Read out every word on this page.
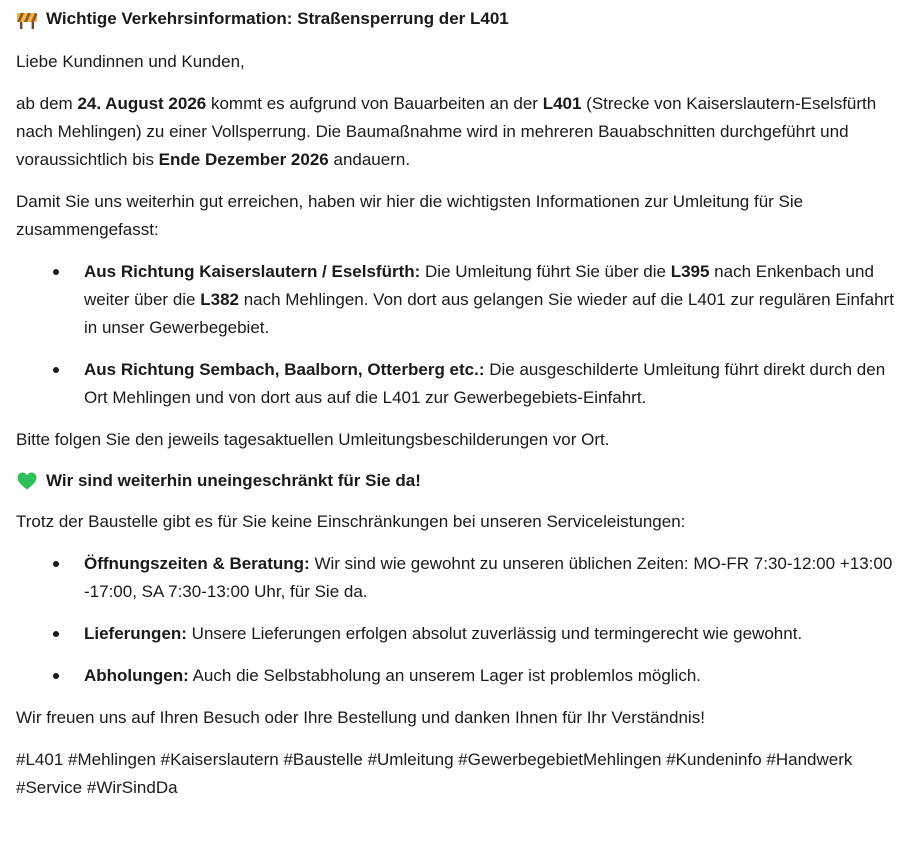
Wichtige Verkehrsinformation: Straßensperrung der L401

Liebe Kundinnen und Kunden,

ab dem 24. August 2026 kommt es aufgrund von Bauarbeiten an der L401 (Strecke von Kaiserslautern-Eselsfürth nach Mehlingen) zu einer Vollsperrung. Die Baumaßnahme wird in mehreren Bauabschnitten durchgeführt und voraussichtlich bis Ende Dezember 2026 andauern.

Damit Sie uns weiterhin gut erreichen, haben wir hier die wichtigsten Informationen zur Umleitung für Sie zusammengefasst:

Aus Richtung Kaiserslautern / Eselsfürth: Die Umleitung führt Sie über die L395 nach Enkenbach und weiter über die L382 nach Mehlingen. Von dort aus gelangen Sie wieder auf die L401 zur regulären Einfahrt in unser Gewerbegebiet.
Aus Richtung Sembach, Baalborn, Otterberg etc.: Die ausgeschilderte Umleitung führt direkt durch den Ort Mehlingen und von dort aus auf die L401 zur Gewerbegebiets-Einfahrt.

Bitte folgen Sie den jeweils tagesaktuellen Umleitungsbeschilderungen vor Ort.

Wir sind weiterhin uneingeschränkt für Sie da!

Trotz der Baustelle gibt es für Sie keine Einschränkungen bei unseren Serviceleistungen:

Öffnungszeiten & Beratung: Wir sind wie gewohnt zu unseren üblichen Zeiten: MO-FR 7:30-12:00 +13:00 -17:00, SA 7:30-13:00 Uhr, für Sie da.
Lieferungen: Unsere Lieferungen erfolgen absolut zuverlässig und termingerecht wie gewohnt.
Abholungen: Auch die Selbstabholung an unserem Lager ist problemlos möglich.

Wir freuen uns auf Ihren Besuch oder Ihre Bestellung und danken Ihnen für Ihr Verständnis!

#L401 #Mehlingen #Kaiserslautern #Baustelle #Umleitung #GewerbegebietMehlingen #Kundeninfo #Handwerk #Service #WirSindDa
